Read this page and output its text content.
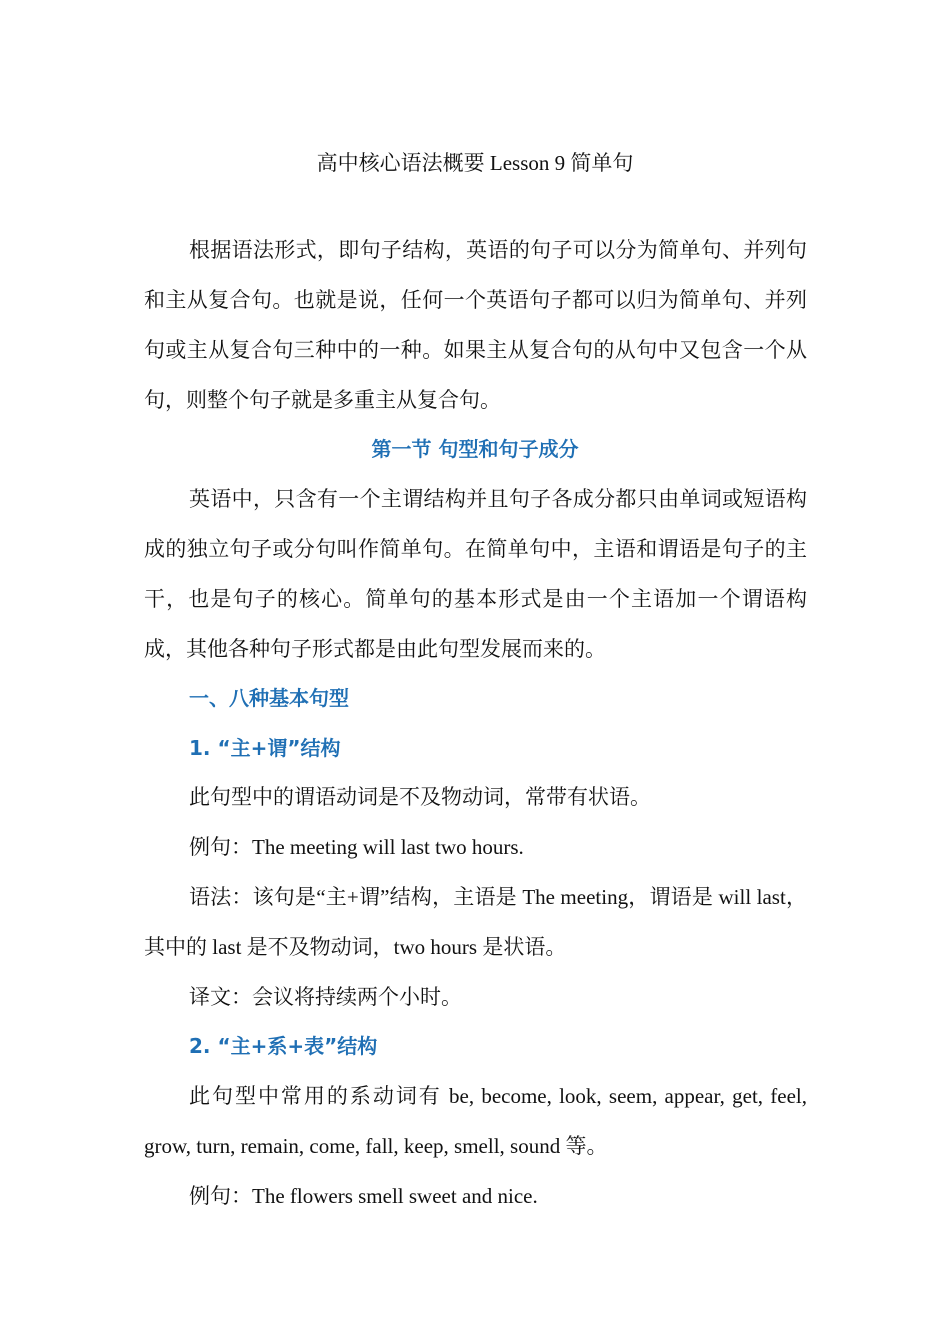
高中核心语法概要 Lesson 9 简单句

根据语法形式，即句子结构，英语的句子可以分为简单句、并列句和主从复合句。也就是说，任何一个英语句子都可以归为简单句、并列句或主从复合句三种中的一种。如果主从复合句的从句中又包含一个从句，则整个句子就是多重主从复合句。

第一节 句型和句子成分

英语中，只含有一个主谓结构并且句子各成分都只由单词或短语构成的独立句子或分句叫作简单句。在简单句中，主语和谓语是句子的主干，也是句子的核心。简单句的基本形式是由一个主语加一个谓语构成，其他各种句子形式都是由此句型发展而来的。

一、八种基本句型
1. “主+谓”结构
此句型中的谓语动词是不及物动词，常带有状语。
例句：The meeting will last two hours.

语法：该句是“主+谓”结构，主语是 The meeting，谓语是 will last，其中的 last 是不及物动词，two hours 是状语。

译文：会议将持续两个小时。
2. “主+系+表”结构

此句型中常用的系动词有 be, become, look, seem, appear, get, feel, grow, turn, remain, come, fall, keep, smell, sound 等。

例句：The flowers smell sweet and nice.
